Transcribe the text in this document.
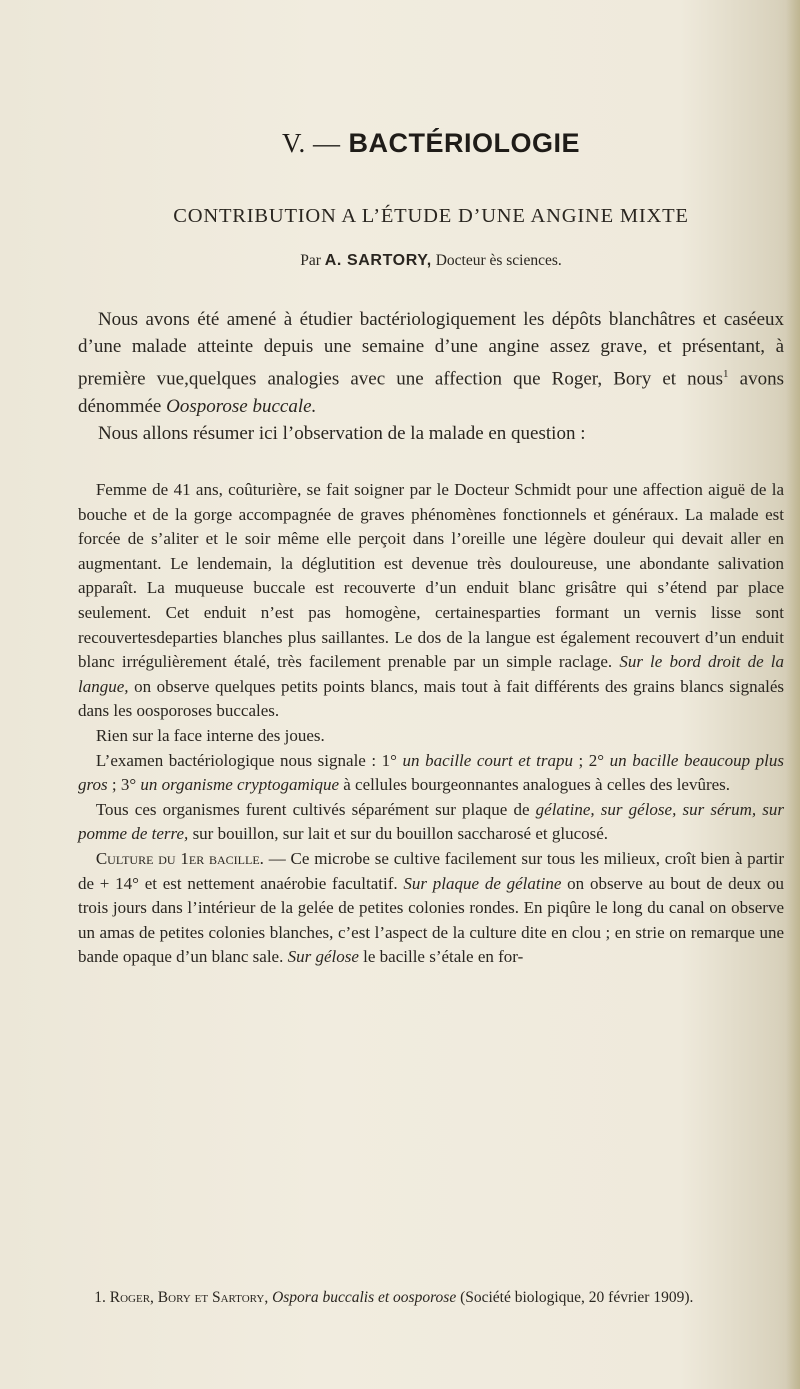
V. — BACTÉRIOLOGIE
CONTRIBUTION A L’ÉTUDE D’UNE ANGINE MIXTE
Par A. SARTORY, Docteur ès sciences.

Nous avons été amené à étudier bactériologiquement les dépôts blanchâtres et caséeux d’une malade atteinte depuis une semaine d’une angine assez grave, et présentant, à première vue,quelques analogies avec une affection que Roger, Bory et nous$^1$ avons dénommée Oosporose buccale.

Nous allons résumer ici l’observation de la malade en question :

Femme de 41 ans, coûturière, se fait soigner par le Docteur Schmidt pour une affection aiguë de la bouche et de la gorge accompagnée de graves phénomènes fonctionnels et généraux. La malade est forcée de s’aliter et le soir même elle perçoit dans l’oreille une légère douleur qui devait aller en augmentant. Le lendemain, la déglutition est devenue très douloureuse, une abondante salivation apparaît. La muqueuse buccale est recouverte d’un enduit blanc grisâtre qui s’étend par place seulement. Cet enduit n’est pas homogène, certainesparties formant un vernis lisse sont recouvertesdeparties blanches plus saillantes. Le dos de la langue est également recouvert d’un enduit blanc irrégulièrement étalé, très facilement prenable par un simple raclage. Sur le bord droit de la langue, on observe quelques petits points blancs, mais tout à fait différents des grains blancs signalés dans les oosporoses buccales.

Rien sur la face interne des joues.

L’examen bactériologique nous signale : 1° un bacille court et trapu ; 2° un bacille beaucoup plus gros ; 3° un organisme cryptogamique à cellules bourgeonnantes analogues à celles des levûres.

Tous ces organismes furent cultivés séparément sur plaque de gélatine, sur gélose, sur sérum, sur pomme de terre, sur bouillon, sur lait et sur du bouillon saccharosé et glucosé.

Culture du 1er bacille. — Ce microbe se cultive facilement sur tous les milieux, croît bien à partir de + 14° et est nettement anaérobie facultatif. Sur plaque de gélatine on observe au bout de deux ou trois jours dans l’intérieur de la gelée de petites colonies rondes. En piqûre le long du canal on observe un amas de petites colonies blanches, c’est l’aspect de la culture dite en clou ; en strie on remarque une bande opaque d’un blanc sale. Sur gélose le bacille s’étale en for-

1. Roger, Bory et Sartory, Ospora buccalis et oosporose (Société biologique, 20 février 1909).
